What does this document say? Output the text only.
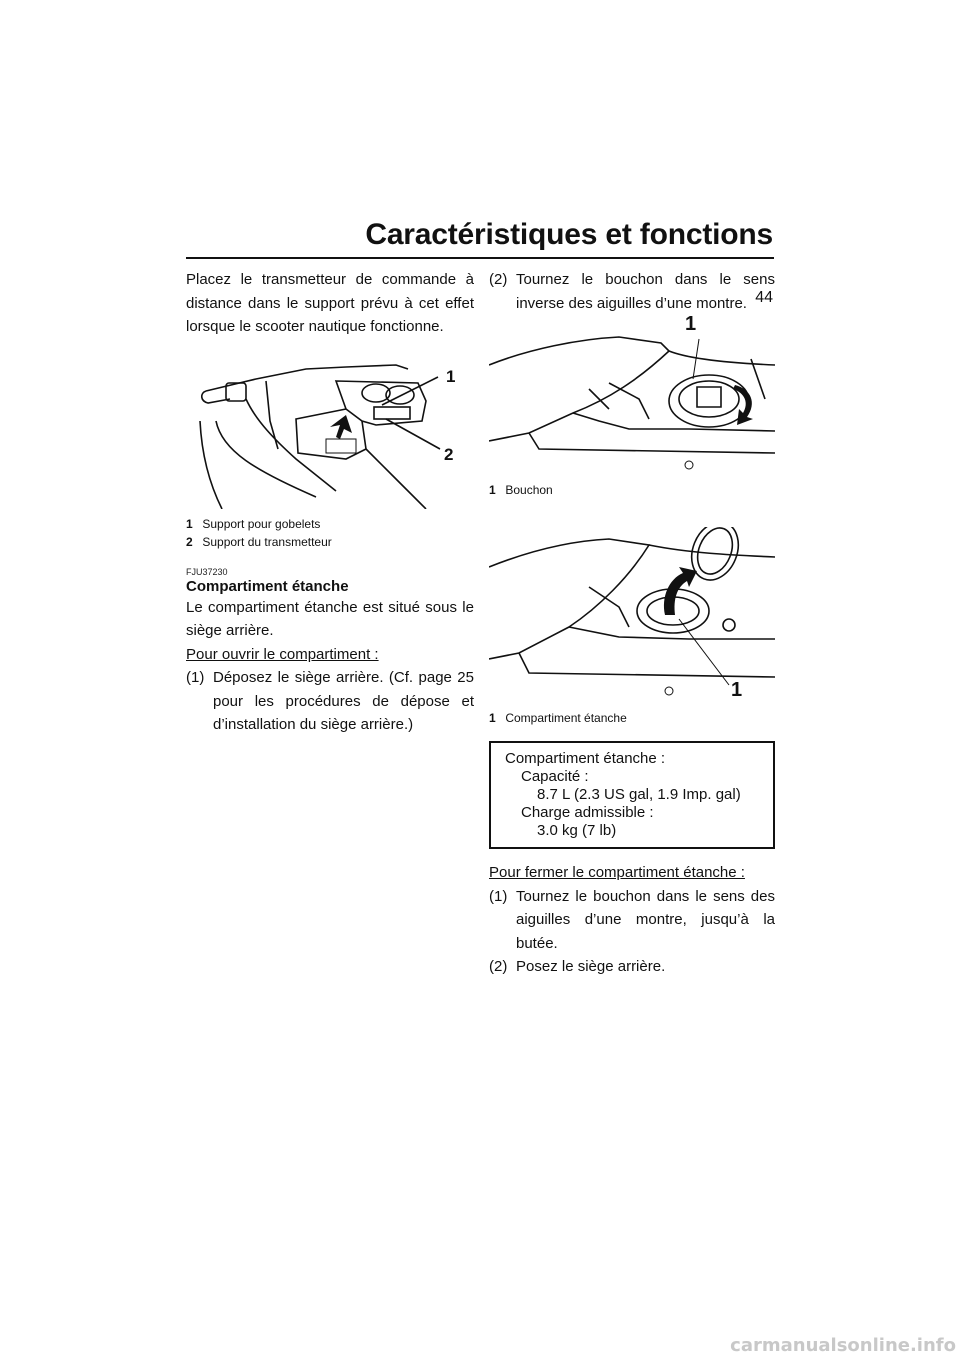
Caractéristiques et fonctions
44

Placez le transmetteur de commande à distance dans le support prévu à cet effet lorsque le scooter nautique fonctionne.

1
2
1 Support pour gobelets
2 Support du transmetteur
FJU37230
Compartiment étanche

Le compartiment étanche est situé sous le siège arrière.

Pour ouvrir le compartiment :
(1) Déposez le siège arrière. (Cf. page 25 pour les procédures de dépose et d’installation du siège arrière.)
(2) Tournez le bouchon dans le sens inverse des aiguilles d’une montre.
1
1 Bouchon
1
1 Compartiment étanche
Compartiment étanche :
Capacité :
8.7 L (2.3 US gal, 1.9 Imp. gal)
Charge admissible :
3.0 kg (7 lb)
Pour fermer le compartiment étanche :
(1) Tournez le bouchon dans le sens des aiguilles d’une montre, jusqu’à la butée.
(2) Posez le siège arrière.
carmanualsonline.info
